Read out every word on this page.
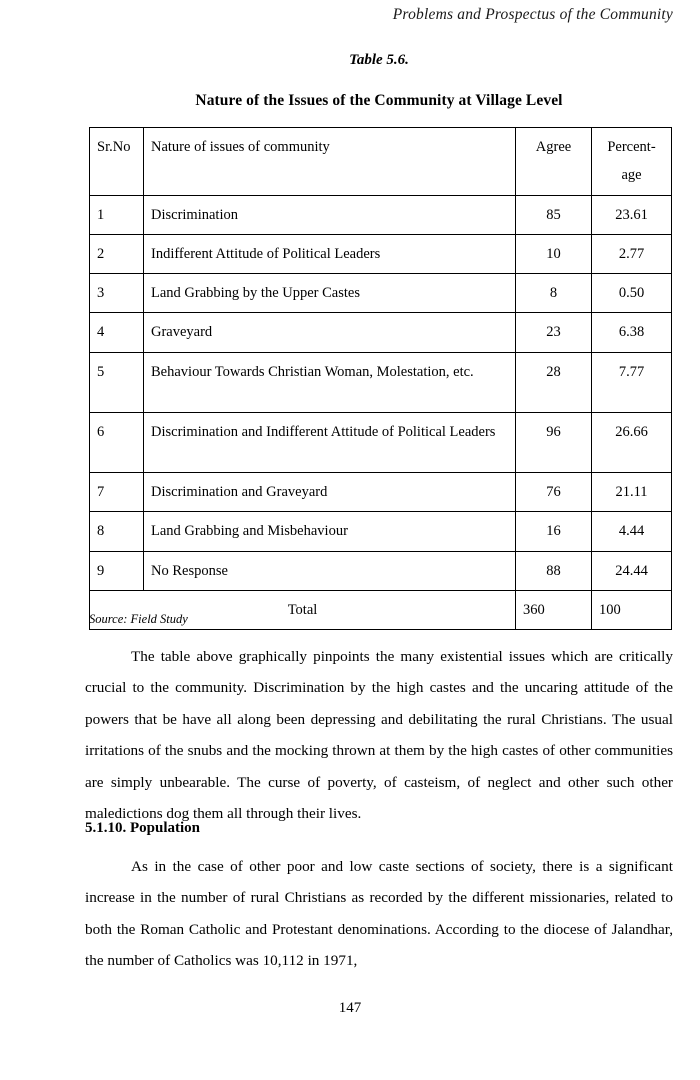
Problems and Prospectus of the Community
Table 5.6.
Nature of the Issues of the Community at Village Level
Sr.No	Nature of issues of community	Agree	Percent-
age
1	Discrimination	85	23.61
2	Indifferent Attitude of Political Leaders	10	2.77
3	Land Grabbing by the Upper Castes	8	0.50
4	Graveyard	23	6.38
5	Behaviour Towards Christian Woman, Molestation, etc.	28	7.77
6	Discrimination and Indifferent Attitude of Political Leaders	96	26.66
7	Discrimination and Graveyard	76	21.11
8	Land Grabbing and Misbehaviour	16	4.44
9	No Response	88	24.44
Total		360	100
Source: Field Study
The table above graphically pinpoints the many existential issues which are critically crucial to the community. Discrimination by the high castes and the uncaring attitude of the powers that be have all along been depressing and debilitating the rural Christians. The usual irritations of the snubs and the mocking thrown at them by the high castes of other communities are simply unbearable. The curse of poverty, of casteism, of neglect and other such other maledictions dog them all through their lives.
5.1.10. Population
As in the case of other poor and low caste sections of society, there is a significant increase in the number of rural Christians as recorded by the different missionaries, related to both the Roman Catholic and Protestant denominations. According to the diocese of Jalandhar, the number of Catholics was 10,112 in 1971,
147
